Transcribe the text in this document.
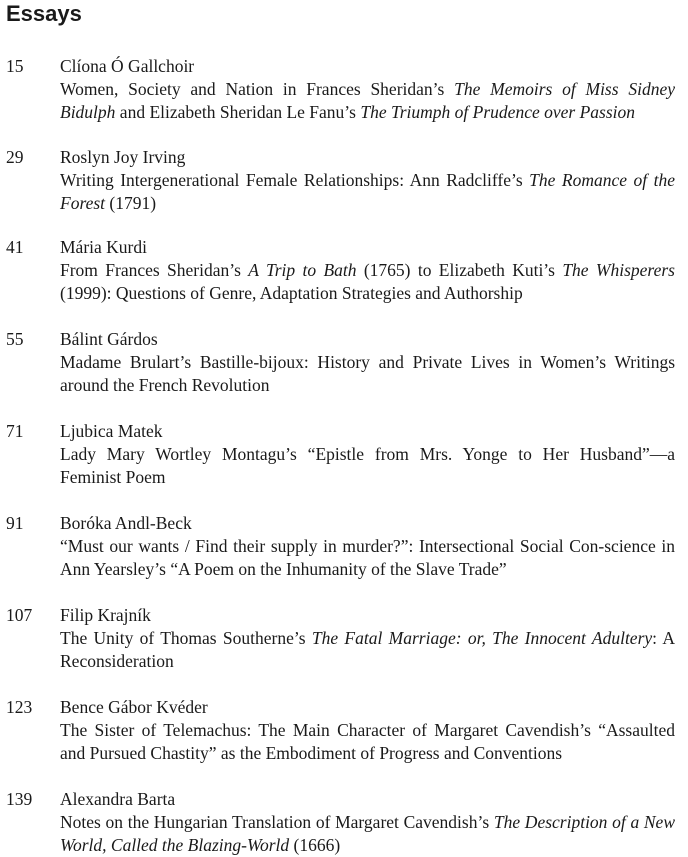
Essays
15 Clíona Ó Gallchoir
Women, Society and Nation in Frances Sheridan’s The Memoirs of Miss Sidney Bidulph and Elizabeth Sheridan Le Fanu’s The Triumph of Prudence over Passion
29 Roslyn Joy Irving
Writing Intergenerational Female Relationships: Ann Radcliffe’s The Romance of the Forest (1791)
41 Mária Kurdi
From Frances Sheridan’s A Trip to Bath (1765) to Elizabeth Kuti’s The Whisperers (1999): Questions of Genre, Adaptation Strategies and Authorship
55 Bálint Gárdos
Madame Brulart’s Bastille-bijoux: History and Private Lives in Women’s Writings around the French Revolution
71 Ljubica Matek
Lady Mary Wortley Montagu’s “Epistle from Mrs. Yonge to Her Husband”—a Feminist Poem
91 Boróka Andl-Beck
“Must our wants / Find their supply in murder?”: Intersectional Social Con-science in Ann Yearsley’s “A Poem on the Inhumanity of the Slave Trade”
107 Filip Krajník
The Unity of Thomas Southerne’s The Fatal Marriage: or, The Innocent Adultery: A Reconsideration
123 Bence Gábor Kvéder
The Sister of Telemachus: The Main Character of Margaret Cavendish’s “Assaulted and Pursued Chastity” as the Embodiment of Progress and Conventions
139 Alexandra Barta
Notes on the Hungarian Translation of Margaret Cavendish’s The Description of a New World, Called the Blazing-World (1666)
